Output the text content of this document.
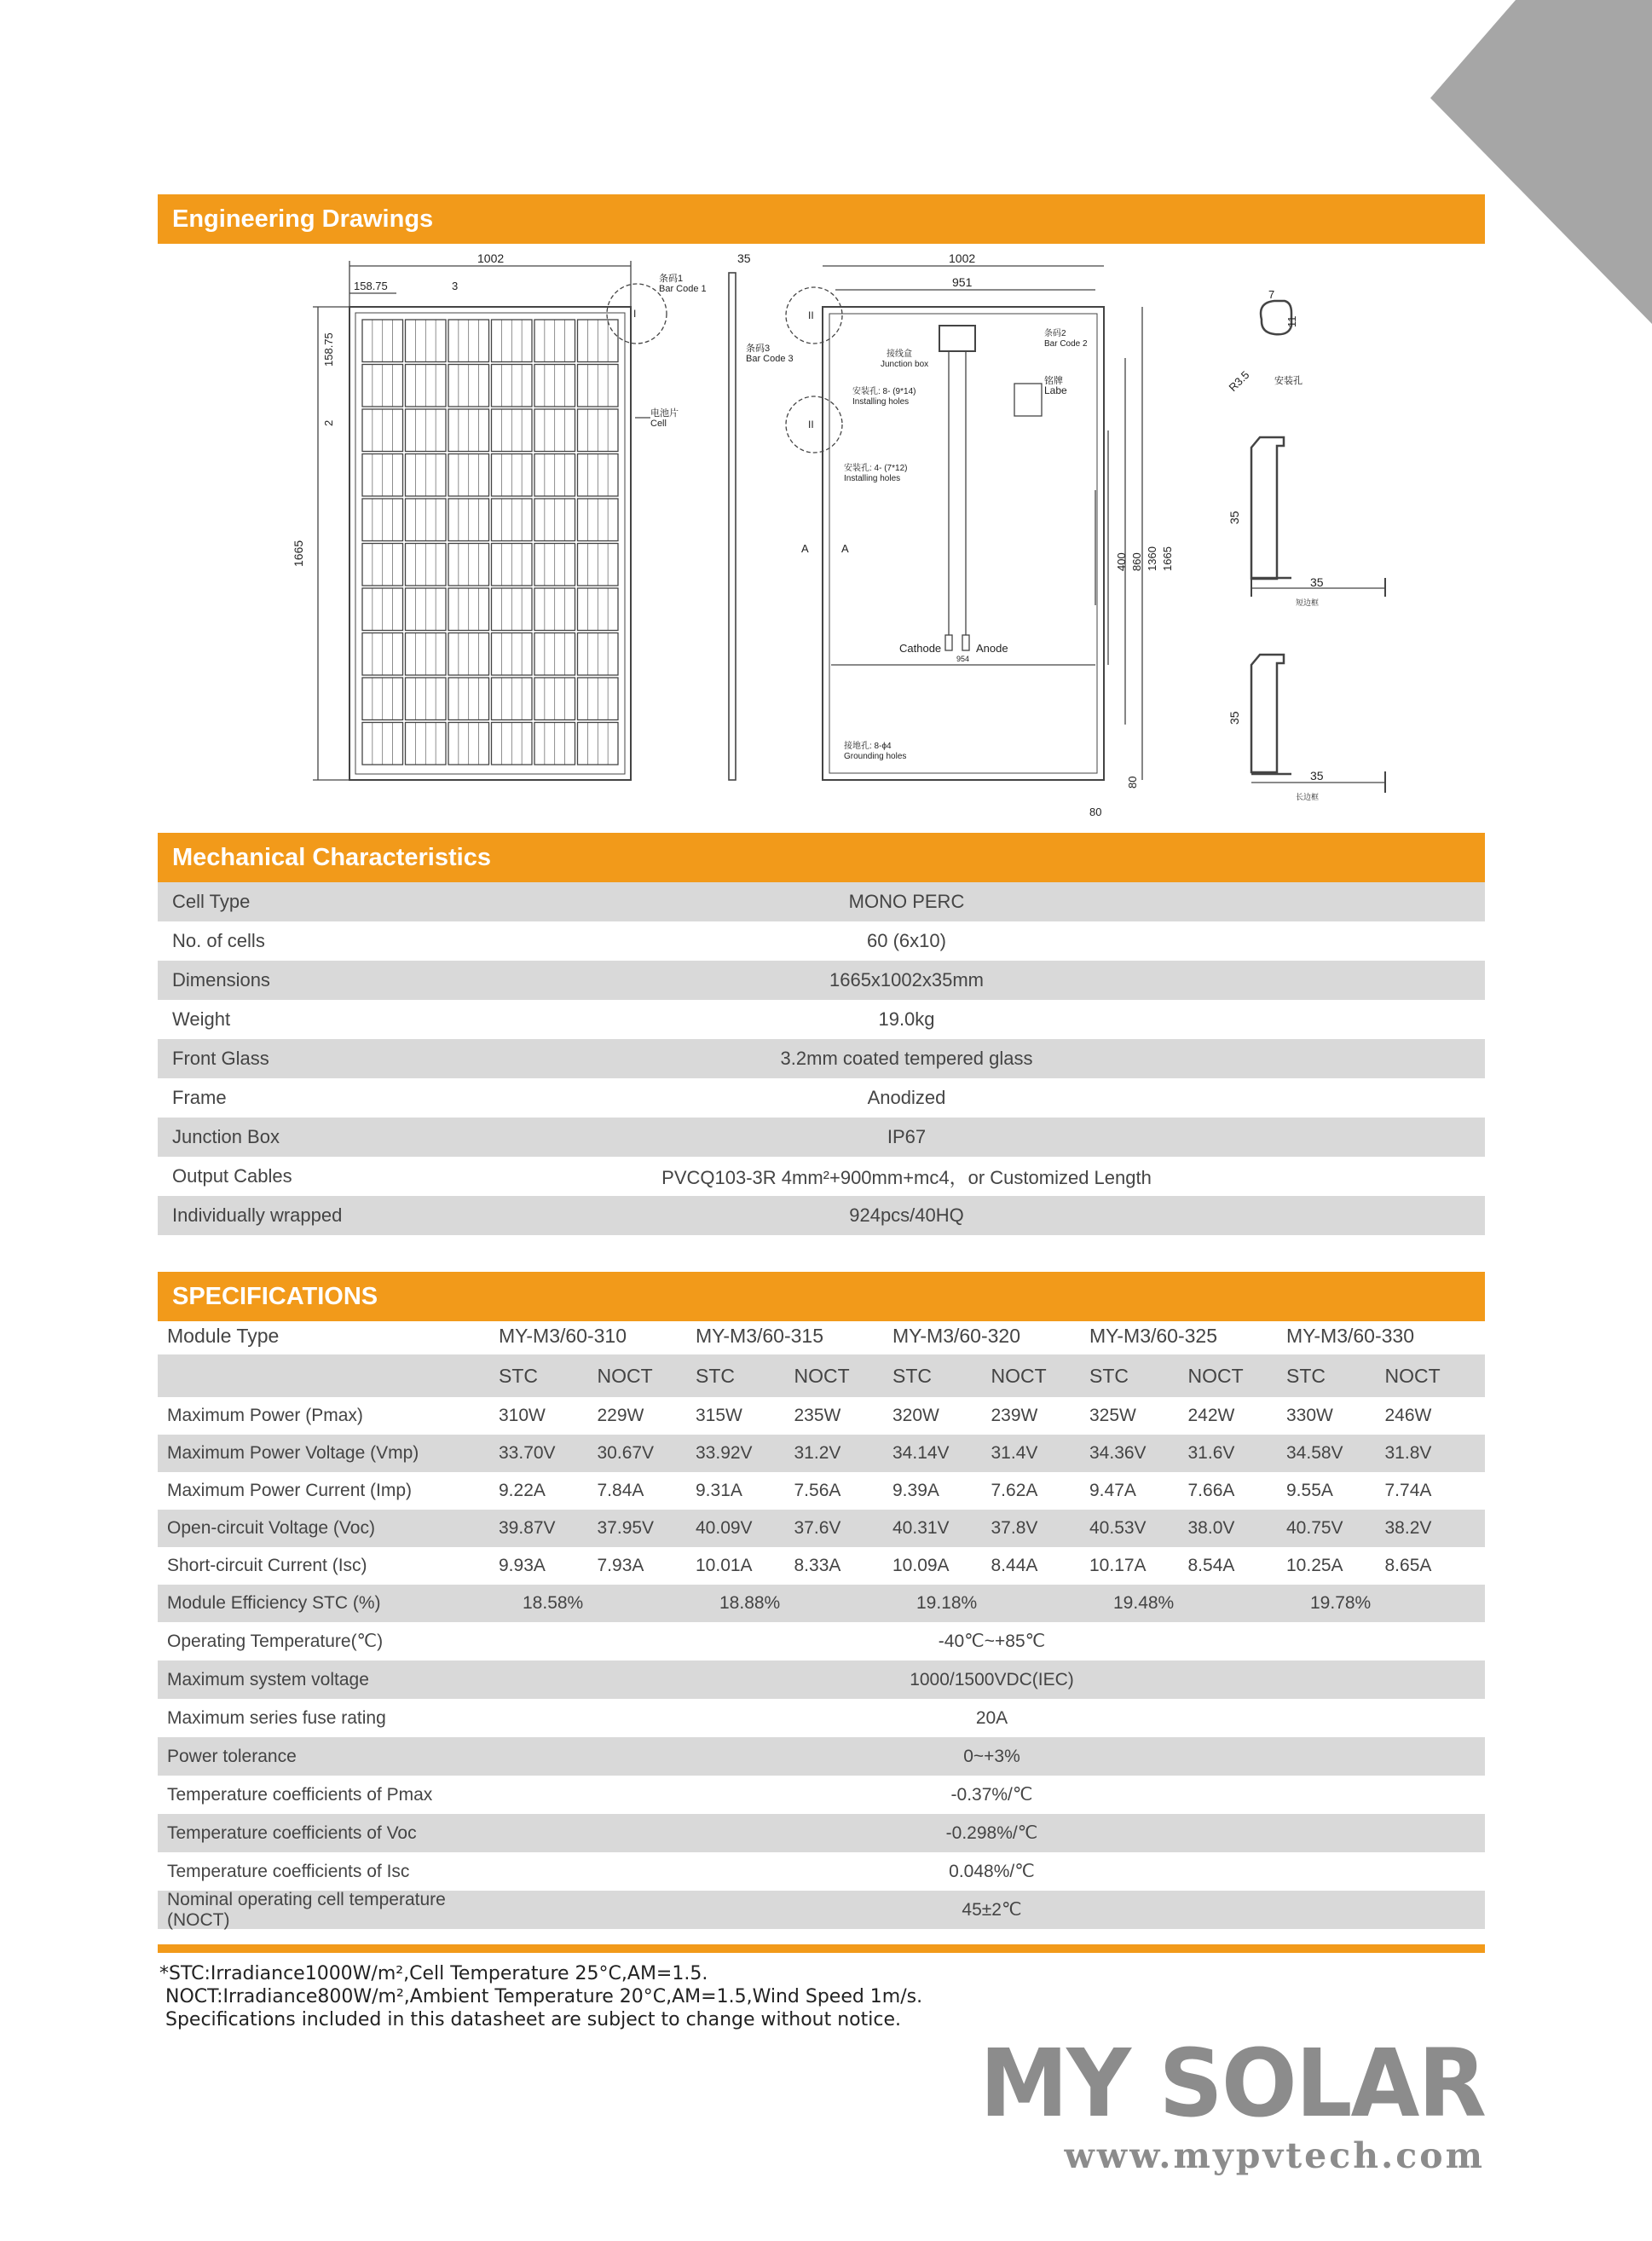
Engineering Drawings
1002
158.75	3
1665
158.75
2
I
条码1
Bar Code 1
电池片
Cell
35
条码3
Bar Code 3
1002
951
接线盒
Junction box
Cathode	Anode
954
条码2
Bar Code 2
铭牌
Labe
II
II
安装孔: 8- (9*14)
Installing holes
安装孔: 4- (7*12)
Installing holes
A	A
接地孔: 8-ϕ4
Grounding holes
400 860 1360 1665
80
80
7
11
R3.5 安装孔
35
35
短边框
35
35
长边框
Mechanical Characteristics
Cell Type	MONO PERC
No. of cells	60 (6x10)
Dimensions	1665x1002x35mm
Weight	19.0kg
Front Glass	3.2mm coated tempered glass
Frame	Anodized
Junction Box	IP67
Output Cables	PVCQ103-3R 4mm²+900mm+mc4，or Customized Length
Individually wrapped	924pcs/40HQ
SPECIFICATIONS
Module Type	MY-M3/60-310	MY-M3/60-315	MY-M3/60-320	MY-M3/60-325	MY-M3/60-330
STC	NOCT	STC	NOCT	STC	NOCT	STC	NOCT	STC	NOCT
Maximum Power (Pmax)	310W	229W	315W	235W	320W	239W	325W	242W	330W	246W
Maximum Power Voltage (Vmp)	33.70V	30.67V	33.92V	31.2V	34.14V	31.4V	34.36V	31.6V	34.58V	31.8V
Maximum Power Current (Imp)	9.22A	7.84A	9.31A	7.56A	9.39A	7.62A	9.47A	7.66A	9.55A	7.74A
Open-circuit Voltage (Voc)	39.87V	37.95V	40.09V	37.6V	40.31V	37.8V	40.53V	38.0V	40.75V	38.2V
Short-circuit Current (Isc)	9.93A	7.93A	10.01A	8.33A	10.09A	8.44A	10.17A	8.54A	10.25A	8.65A
Module Efficiency STC (%)	18.58%	18.88%	19.18%	19.48%	19.78%
Operating Temperature(℃)	-40℃~+85℃
Maximum system voltage	1000/1500VDC(IEC)
Maximum series fuse rating	20A
Power tolerance	0~+3%
Temperature coefficients of Pmax	-0.37%/℃
Temperature coefficients of Voc	-0.298%/℃
Temperature coefficients of Isc	0.048%/℃
Nominal operating cell temperature (NOCT)	45±2℃
*STC:Irradiance1000W/m²,Cell Temperature 25°C,AM=1.5.
NOCT:Irradiance800W/m²,Ambient Temperature 20°C,AM=1.5,Wind Speed 1m/s.
Specifications included in this datasheet are subject to change without notice.
MY SOLAR
www.mypvtech.com
